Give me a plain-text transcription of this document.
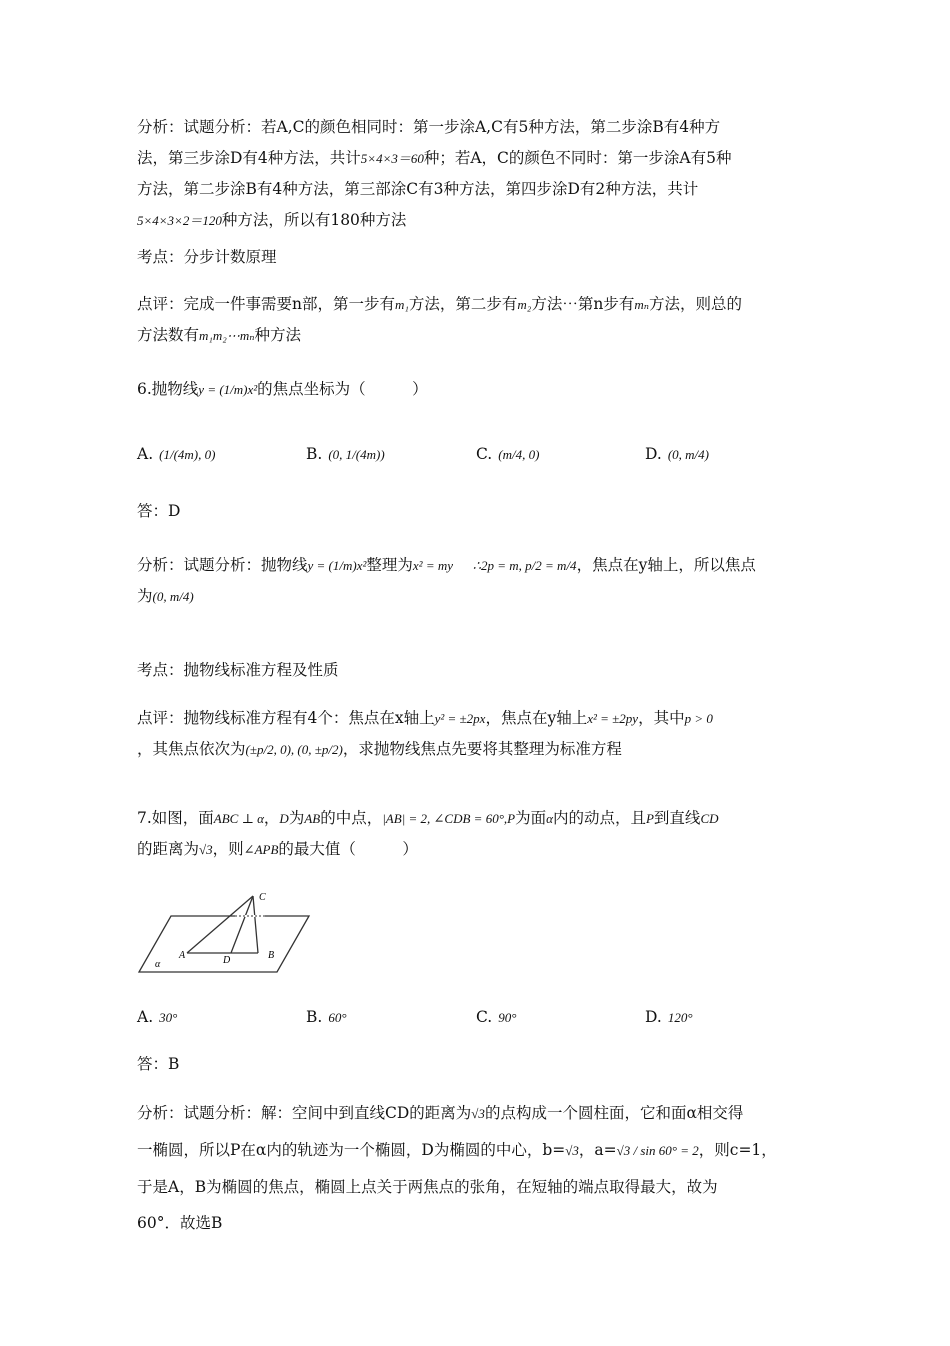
分析：试题分析：若A,C的颜色相同时：第一步涂A,C有5种方法，第二步涂B有4种方
法，第三步涂D有4种方法，共计5×4×3＝60种；若A，C的颜色不同时：第一步涂A有5种
方法，第二步涂B有4种方法，第三部涂C有3种方法，第四步涂D有2种方法，共计
5×4×3×2＝120种方法，所以有180种方法
考点：分步计数原理
点评：完成一件事需要n部，第一步有m₁方法，第二步有m₂方法⋯第n步有mₙ方法，则总的
方法数有m₁m₂⋯mₙ种方法
6.抛物线y = (1/m)x²的焦点坐标为（　　　）
A. (1/(4m), 0)	B. (0, 1/(4m))	C. (m/4, 0)	D. (0, m/4)
答：D
分析：试题分析：抛物线y = (1/m)x²整理为x² = my ∴2p = m, p/2 = m/4，焦点在y轴上，所以焦点
为(0, m/4)
考点：抛物线标准方程及性质
点评：抛物线标准方程有4个：焦点在x轴上y² = ±2px，焦点在y轴上x² = ±2py，其中p > 0
，其焦点依次为(±p/2, 0), (0, ±p/2)，求抛物线焦点先要将其整理为标准方程
7.如图，面ABC ⊥ α，D为AB的中点，|AB| = 2, ∠CDB = 60°,P为面α内的动点，且P到直线CD
的距离为√3，则∠APB的最大值（　　　）
C
A	D	B
α
A. 30°	B. 60°	C. 90°	D. 120°
答：B
分析：试题分析：解：空间中到直线CD的距离为√3的点构成一个圆柱面，它和面α相交得
一椭圆，所以P在α内的轨迹为一个椭圆，D为椭圆的中心，b=√3，a=√3 / sin 60° = 2，则c=1，
于是A，B为椭圆的焦点，椭圆上点关于两焦点的张角，在短轴的端点取得最大，故为
60°．故选B
